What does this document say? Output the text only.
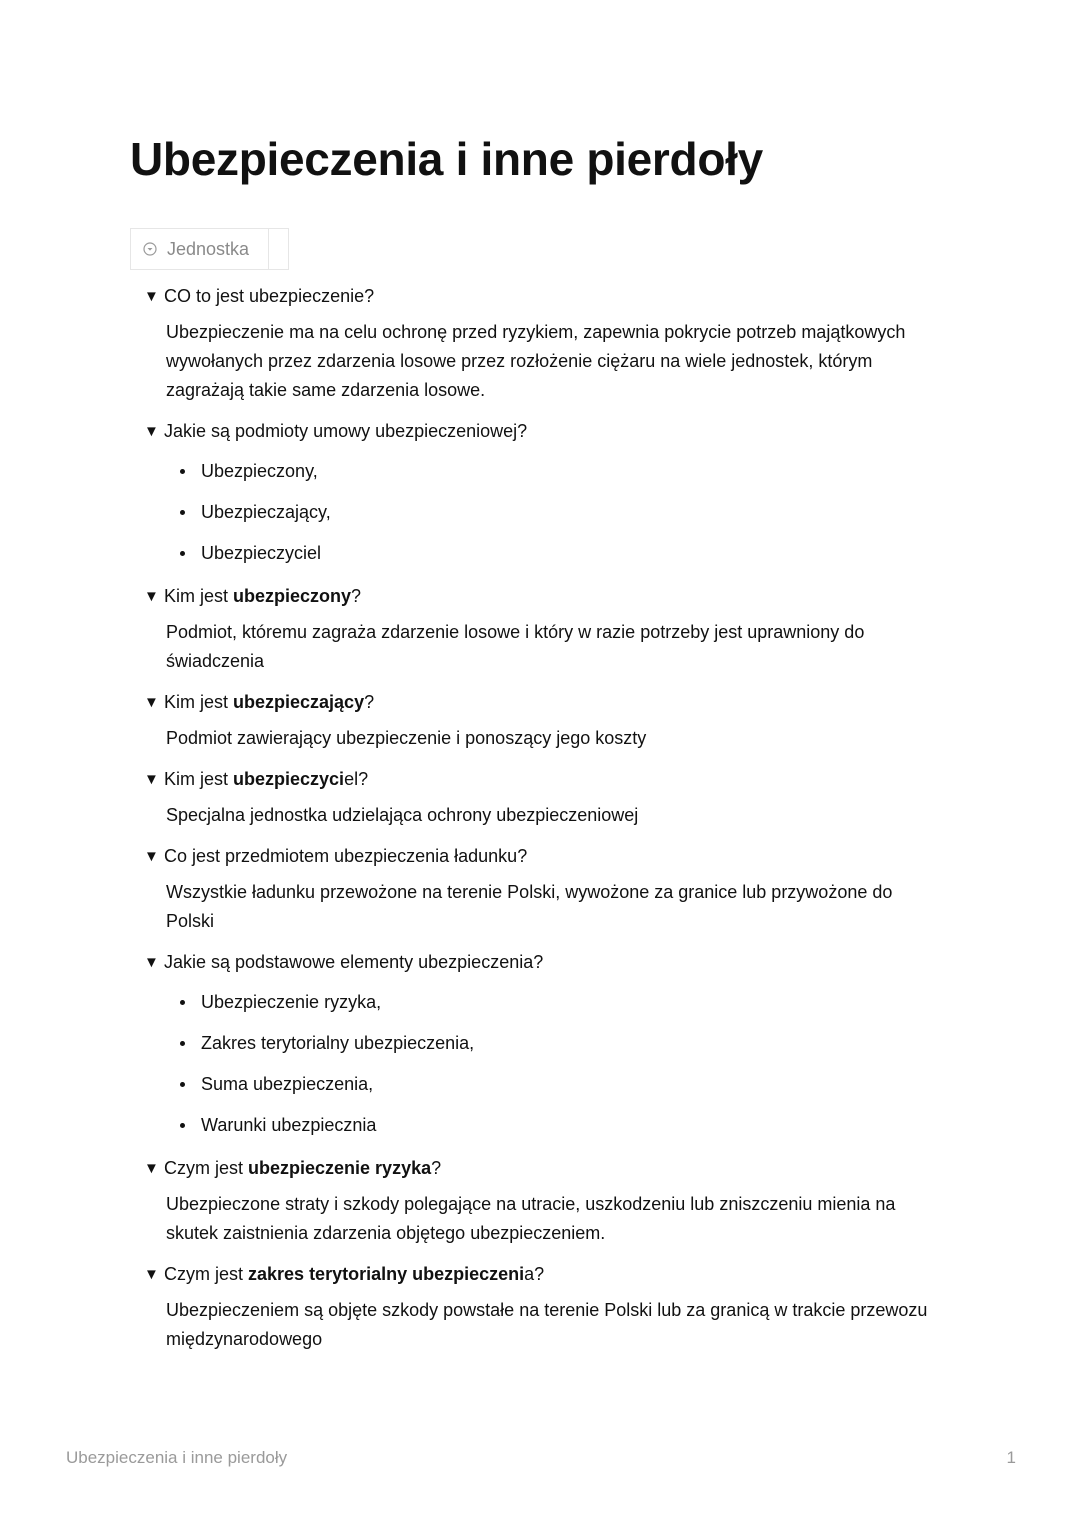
Ubezpieczenia i inne pierdoły
Jednostka
▼ CO to jest ubezpieczenie?
Ubezpieczenie ma na celu ochronę przed ryzykiem, zapewnia pokrycie potrzeb majątkowych wywołanych przez zdarzenia losowe przez rozłożenie ciężaru na wiele jednostek, którym zagrażają takie same zdarzenia losowe.
▼ Jakie są podmioty umowy ubezpieczeniowej?
Ubezpieczony,
Ubezpieczający,
Ubezpieczyciel
▼ Kim jest ubezpieczony?
Podmiot, któremu zagraża zdarzenie losowe i który w razie potrzeby jest uprawniony do świadczenia
▼ Kim jest ubezpieczający?
Podmiot zawierający ubezpieczenie i ponoszący jego koszty
▼ Kim jest ubezpieczyciel?
Specjalna jednostka udzielająca ochrony ubezpieczeniowej
▼ Co jest przedmiotem ubezpieczenia ładunku?
Wszystkie ładunku przewożone na terenie Polski, wywożone za granice lub przywożone do Polski
▼ Jakie są podstawowe elementy ubezpieczenia?
Ubezpieczenie ryzyka,
Zakres terytorialny ubezpieczenia,
Suma ubezpieczenia,
Warunki ubezpiecznia
▼ Czym jest ubezpieczenie ryzyka?
Ubezpieczone straty i szkody polegające na utracie, uszkodzeniu lub zniszczeniu mienia na skutek zaistnienia zdarzenia objętego ubezpieczeniem.
▼ Czym jest zakres terytorialny ubezpieczenia?
Ubezpieczeniem są objęte szkody powstałe na terenie Polski lub za granicą w trakcie przewozu międzynarodowego
Ubezpieczenia i inne pierdoły	1
